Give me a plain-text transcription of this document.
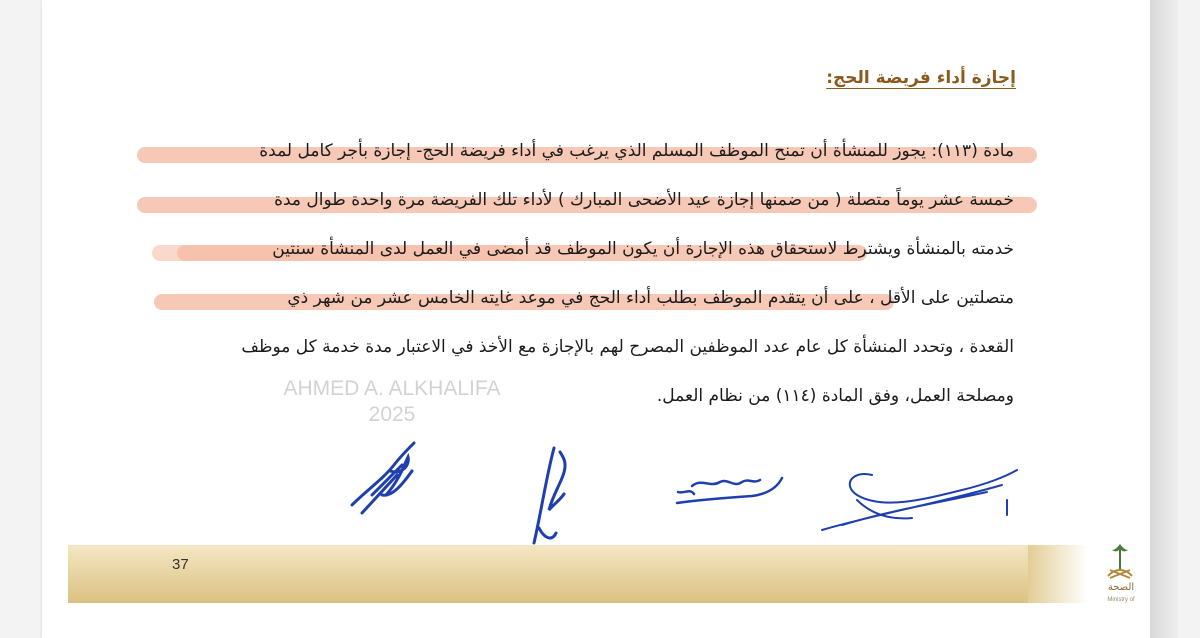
إجازة أداء فريضة الحج:
مادة (١١٣): يجوز للمنشأة أن تمنح الموظف المسلم الذي يرغب في أداء فريضة الحج- إجازة بأجر كامل لمدة
خمسة عشر يوماً متصلة ( من ضمنها إجازة عيد الأضحى المبارك ) لأداء تلك الفريضة مرة واحدة طوال مدة
خدمته بالمنشأة ويشترط لاستحقاق هذه الإجازة أن يكون الموظف قد أمضى في العمل لدى المنشأة سنتين
متصلتين على الأقل ، على أن يتقدم الموظف بطلب أداء الحج في موعد غايته الخامس عشر من شهر ذي
القعدة ، وتحدد المنشأة كل عام عدد الموظفين المصرح لهم بالإجازة مع الأخذ في الاعتبار مدة خدمة كل موظف
ومصلحة العمل، وفق المادة (١١٤) من نظام العمل.
AHMED A. ALKHALIFA
2025
37
الصحة
Ministry of
